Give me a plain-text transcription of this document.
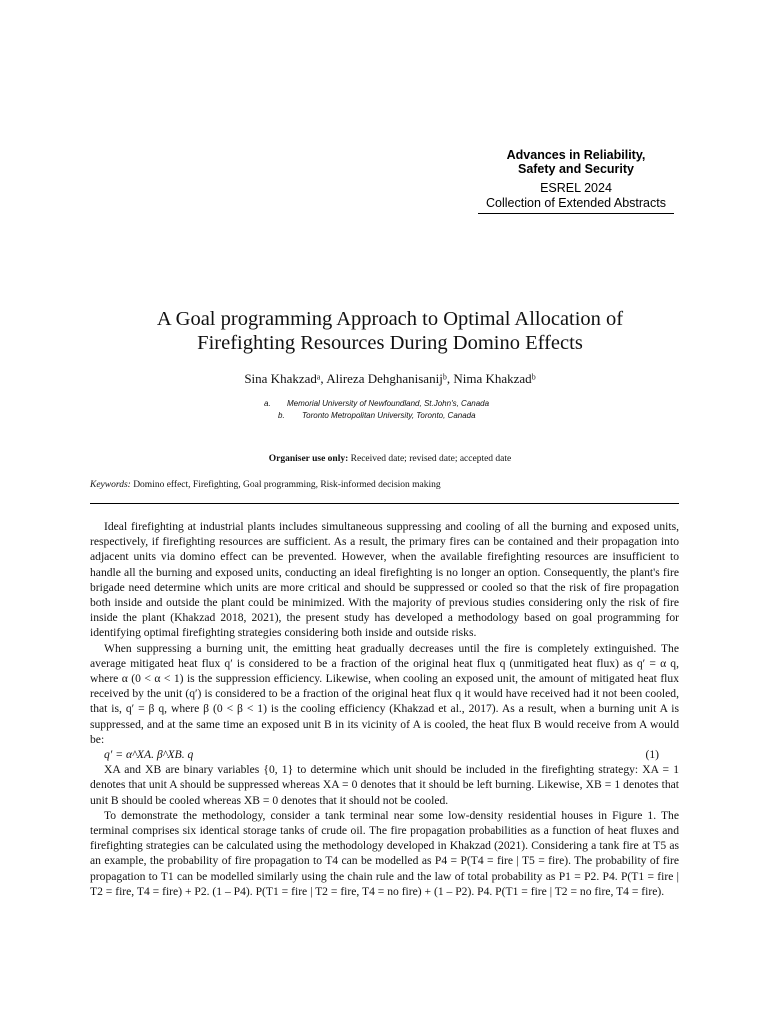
Advances in Reliability,
Safety and Security
ESREL 2024
Collection of Extended Abstracts
A Goal programming Approach to Optimal Allocation of
Firefighting Resources During Domino Effects
Sina Khakzadᵃ, Alireza Dehghanisanijᵇ, Nima Khakzadᵇ
a. Memorial University of Newfoundland, St.John's, Canada
b. Toronto Metropolitan University, Toronto, Canada
Organiser use only: Received date; revised date; accepted date
Keywords: Domino effect, Firefighting, Goal programming, Risk-informed decision making

Ideal firefighting at industrial plants includes simultaneous suppressing and cooling of all the burning and exposed units, respectively, if firefighting resources are sufficient. As a result, the primary fires can be contained and their propagation into adjacent units via domino effect can be prevented. However, when the available firefighting resources are insufficient to handle all the burning and exposed units, conducting an ideal firefighting is no longer an option. Consequently, the plant's fire brigade need determine which units are more critical and should be suppressed or cooled so that the risk of fire propagation both inside and outside the plant could be minimized. With the majority of previous studies considering only the risk of fire inside the plant (Khakzad 2018, 2021), the present study has developed a methodology based on goal programming for identifying optimal firefighting strategies considering both inside and outside risks.

When suppressing a burning unit, the emitting heat gradually decreases until the fire is completely extinguished. The average mitigated heat flux q′ is considered to be a fraction of the original heat flux q (unmitigated heat flux) as q′ = α q, where α (0 < α < 1) is the suppression efficiency. Likewise, when cooling an exposed unit, the amount of mitigated heat flux received by the unit (q′) is considered to be a fraction of the original heat flux q it would have received had it not been cooled, that is, q′ = β q, where β (0 < β < 1) is the cooling efficiency (Khakzad et al., 2017). As a result, when a burning unit A is suppressed, and at the same time an exposed unit B in its vicinity of A is cooled, the heat flux B would receive from A would be:

q′ = α^XA. β^XB. q	(1)

XA and XB are binary variables {0, 1} to determine which unit should be included in the firefighting strategy: XA = 1 denotes that unit A should be suppressed whereas XA = 0 denotes that it should be left burning. Likewise, XB = 1 denotes that unit B should be cooled whereas XB = 0 denotes that it should not be cooled.

To demonstrate the methodology, consider a tank terminal near some low-density residential houses in Figure 1. The terminal comprises six identical storage tanks of crude oil. The fire propagation probabilities as a function of heat fluxes and firefighting strategies can be calculated using the methodology developed in Khakzad (2021). Considering a tank fire at T5 as an example, the probability of fire propagation to T4 can be modelled as P4 = P(T4 = fire | T5 = fire). The probability of fire propagation to T1 can be modelled similarly using the chain rule and the law of total probability as P1 = P2. P4. P(T1 = fire | T2 = fire, T4 = fire) + P2. (1 – P4). P(T1 = fire | T2 = fire, T4 = no fire) + (1 – P2). P4. P(T1 = fire | T2 = no fire, T4 = fire).
